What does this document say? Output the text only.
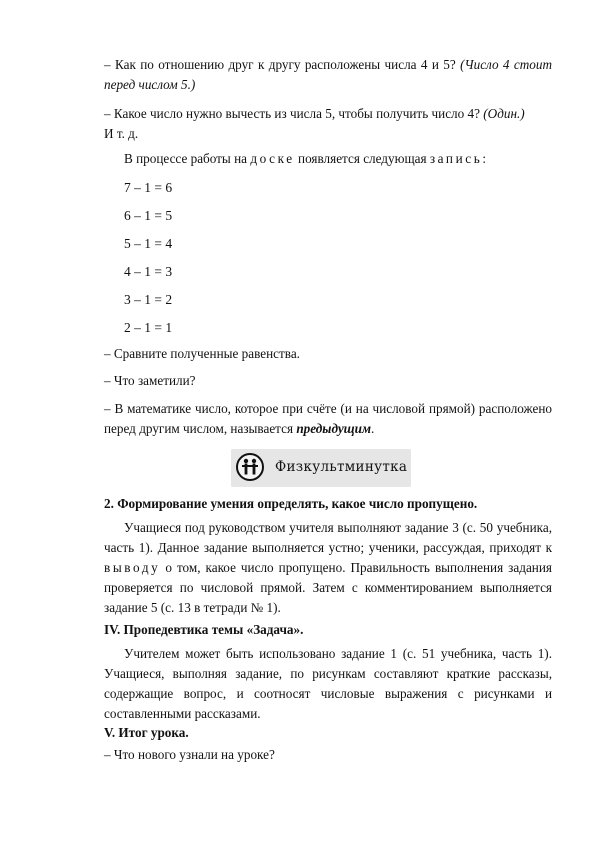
– Как по отношению друг к другу расположены числа 4 и 5? (Число 4 стоит перед числом 5.)
– Какое число нужно вычесть из числа 5, чтобы получить число 4? (Один.)
И т. д.
В процессе работы на доске появляется следующая запись:
7 – 1 = 6
6 – 1 = 5
5 – 1 = 4
4 – 1 = 3
3 – 1 = 2
2 – 1 = 1
– Сравните полученные равенства.
– Что заметили?
– В математике число, которое при счёте (и на числовой прямой) расположено перед другим числом, называется предыдущим.
Физкультминутка
2. Формирование умения определять, какое число пропущено.
Учащиеся под руководством учителя выполняют задание 3 (с. 50 учебника, часть 1). Данное задание выполняется устно; ученики, рассуждая, приходят к выводу о том, какое число пропущено. Правильность выполнения задания проверяется по числовой прямой. Затем с комментированием выполняется задание 5 (с. 13 в тетради № 1).
IV. Пропедевтика темы «Задача».
Учителем может быть использовано задание 1 (с. 51 учебника, часть 1). Учащиеся, выполняя задание, по рисункам составляют краткие рассказы, содержащие вопрос, и соотносят числовые выражения с рисунками и составленными рассказами.
V. Итог урока.
– Что нового узнали на уроке?
